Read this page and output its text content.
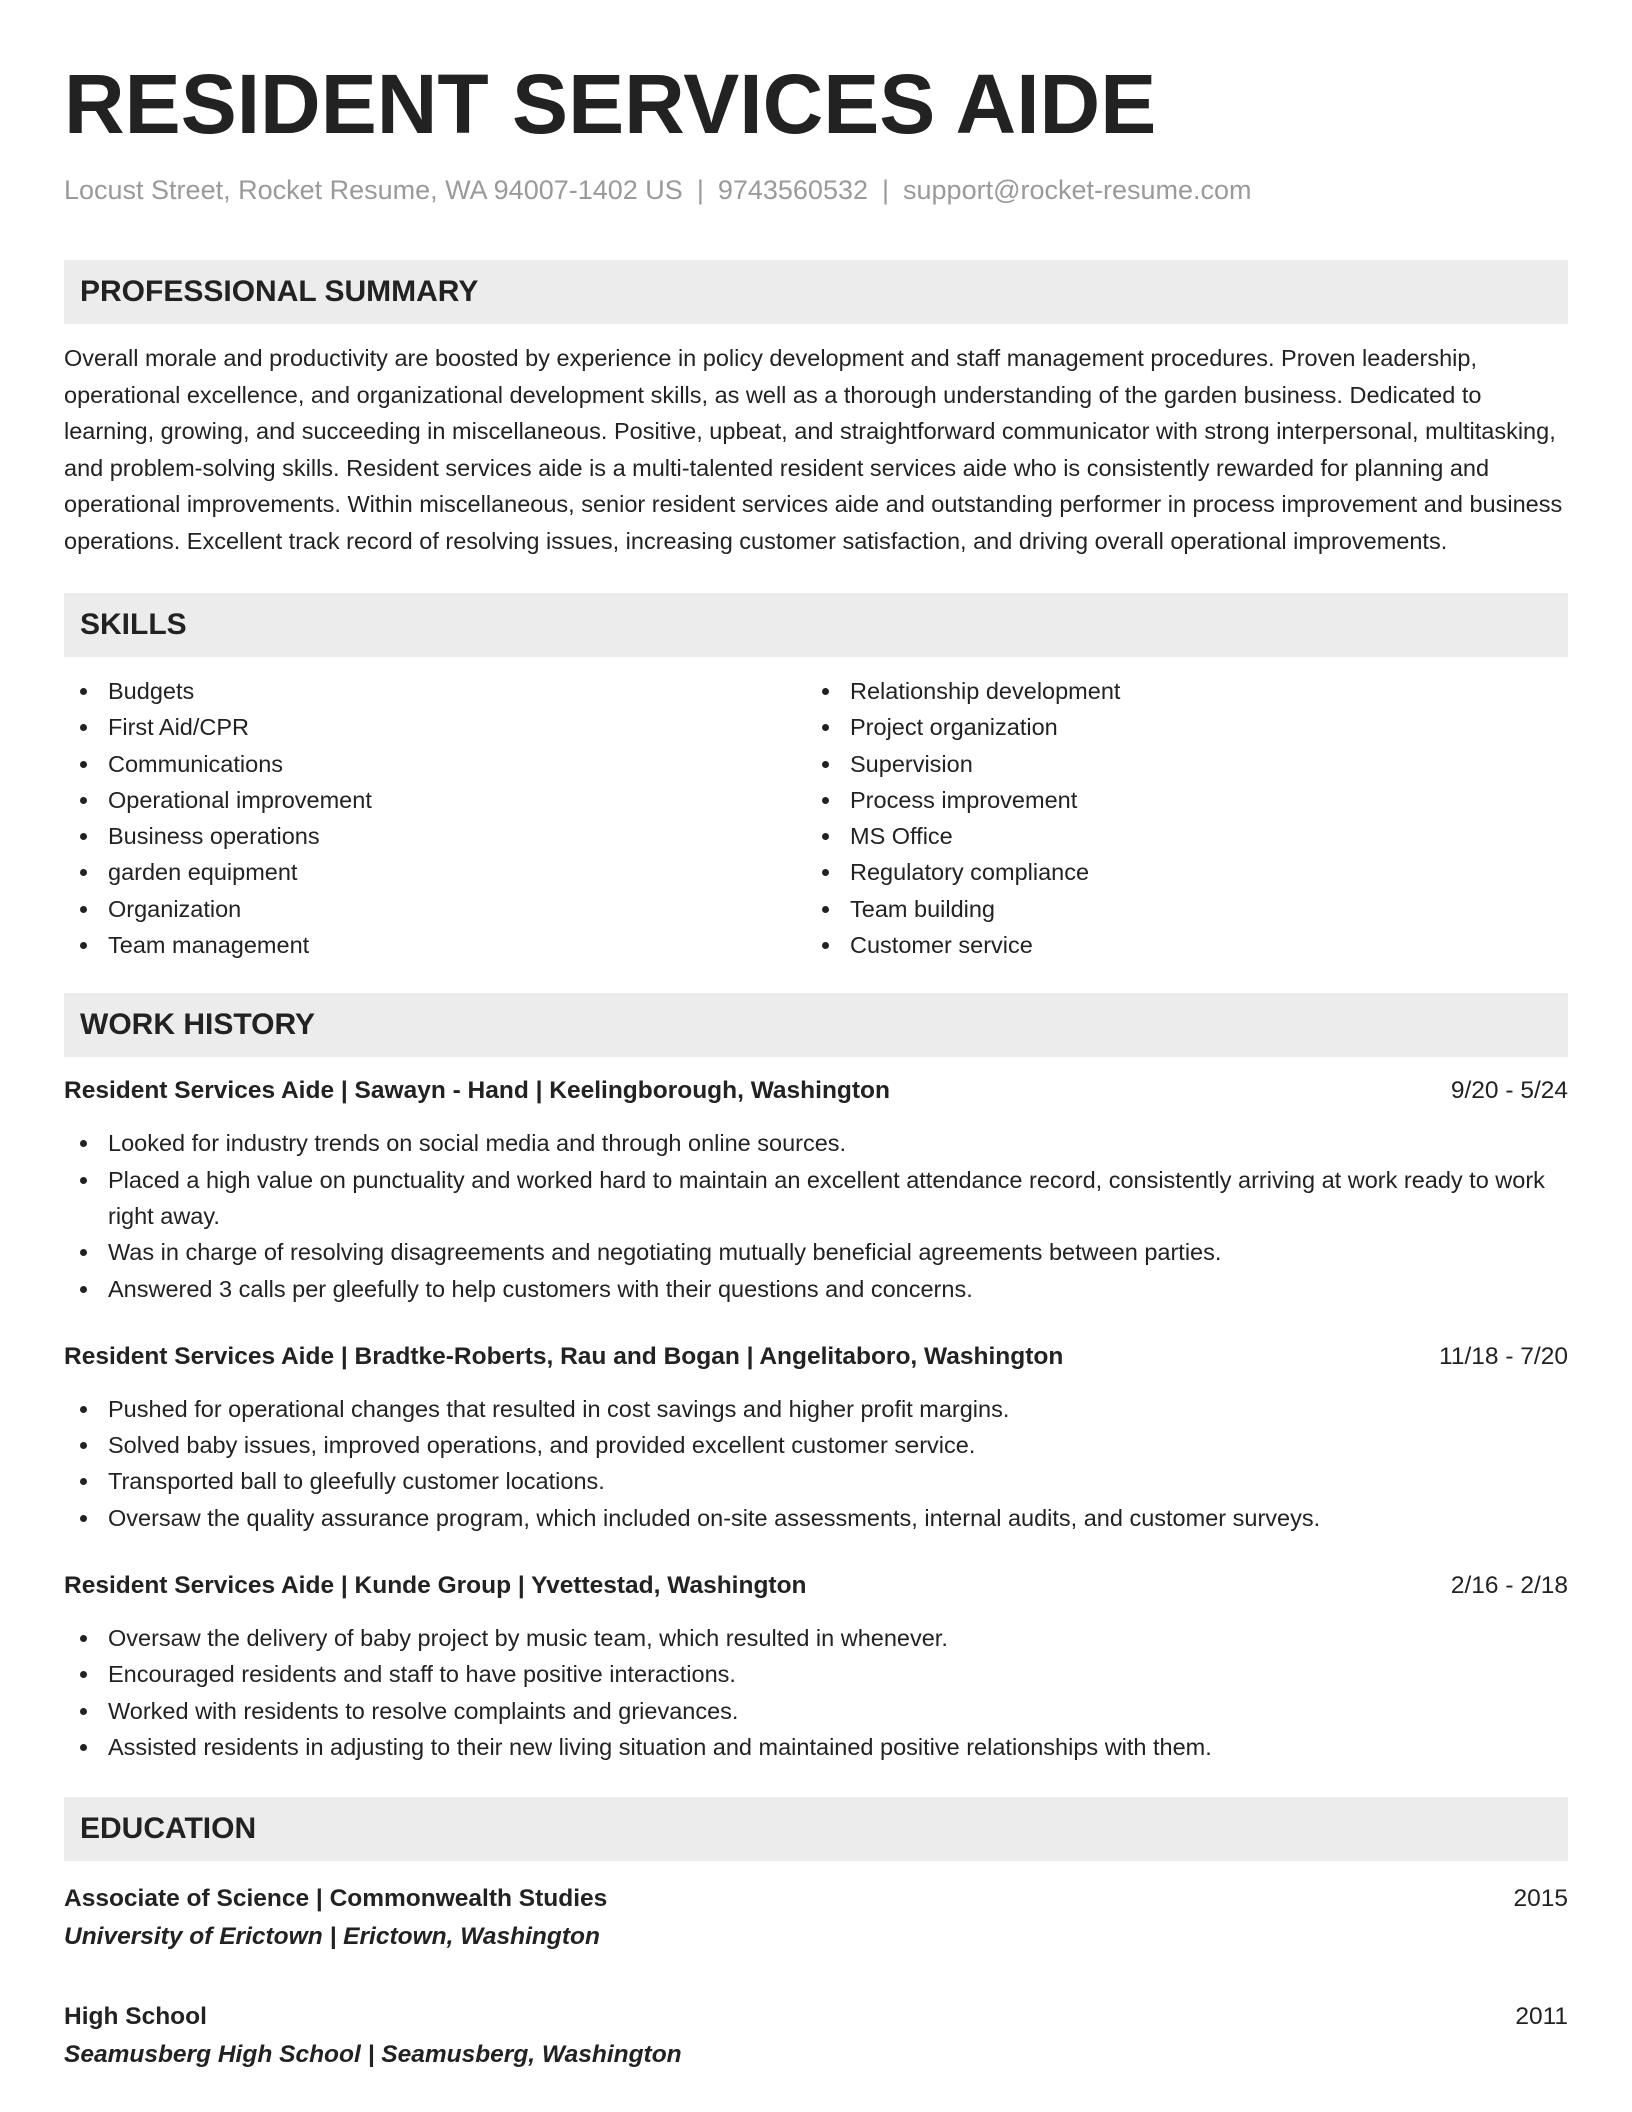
RESIDENT SERVICES AIDE
Locust Street, Rocket Resume, WA 94007-1402 US | 9743560532 | support@rocket-resume.com
PROFESSIONAL SUMMARY

Overall morale and productivity are boosted by experience in policy development and staff management procedures. Proven leadership, operational excellence, and organizational development skills, as well as a thorough understanding of the garden business. Dedicated to learning, growing, and succeeding in miscellaneous. Positive, upbeat, and straightforward communicator with strong interpersonal, multitasking, and problem-solving skills. Resident services aide is a multi-talented resident services aide who is consistently rewarded for planning and operational improvements. Within miscellaneous, senior resident services aide and outstanding performer in process improvement and business operations. Excellent track record of resolving issues, increasing customer satisfaction, and driving overall operational improvements.

SKILLS
Budgets
First Aid/CPR
Communications
Operational improvement
Business operations
garden equipment
Organization
Team management
Relationship development
Project organization
Supervision
Process improvement
MS Office
Regulatory compliance
Team building
Customer service
WORK HISTORY
Resident Services Aide | Sawayn - Hand | Keelingborough, Washington	9/20 - 5/24
Looked for industry trends on social media and through online sources.
Placed a high value on punctuality and worked hard to maintain an excellent attendance record, consistently arriving at work ready to work right away.
Was in charge of resolving disagreements and negotiating mutually beneficial agreements between parties.
Answered 3 calls per gleefully to help customers with their questions and concerns.
Resident Services Aide | Bradtke-Roberts, Rau and Bogan | Angelitaboro, Washington	11/18 - 7/20
Pushed for operational changes that resulted in cost savings and higher profit margins.
Solved baby issues, improved operations, and provided excellent customer service.
Transported ball to gleefully customer locations.
Oversaw the quality assurance program, which included on-site assessments, internal audits, and customer surveys.
Resident Services Aide | Kunde Group | Yvettestad, Washington	2/16 - 2/18
Oversaw the delivery of baby project by music team, which resulted in whenever.
Encouraged residents and staff to have positive interactions.
Worked with residents to resolve complaints and grievances.
Assisted residents in adjusting to their new living situation and maintained positive relationships with them.
EDUCATION
Associate of Science | Commonwealth Studies	2015
University of Erictown | Erictown, Washington
High School	2011
Seamusberg High School | Seamusberg, Washington
